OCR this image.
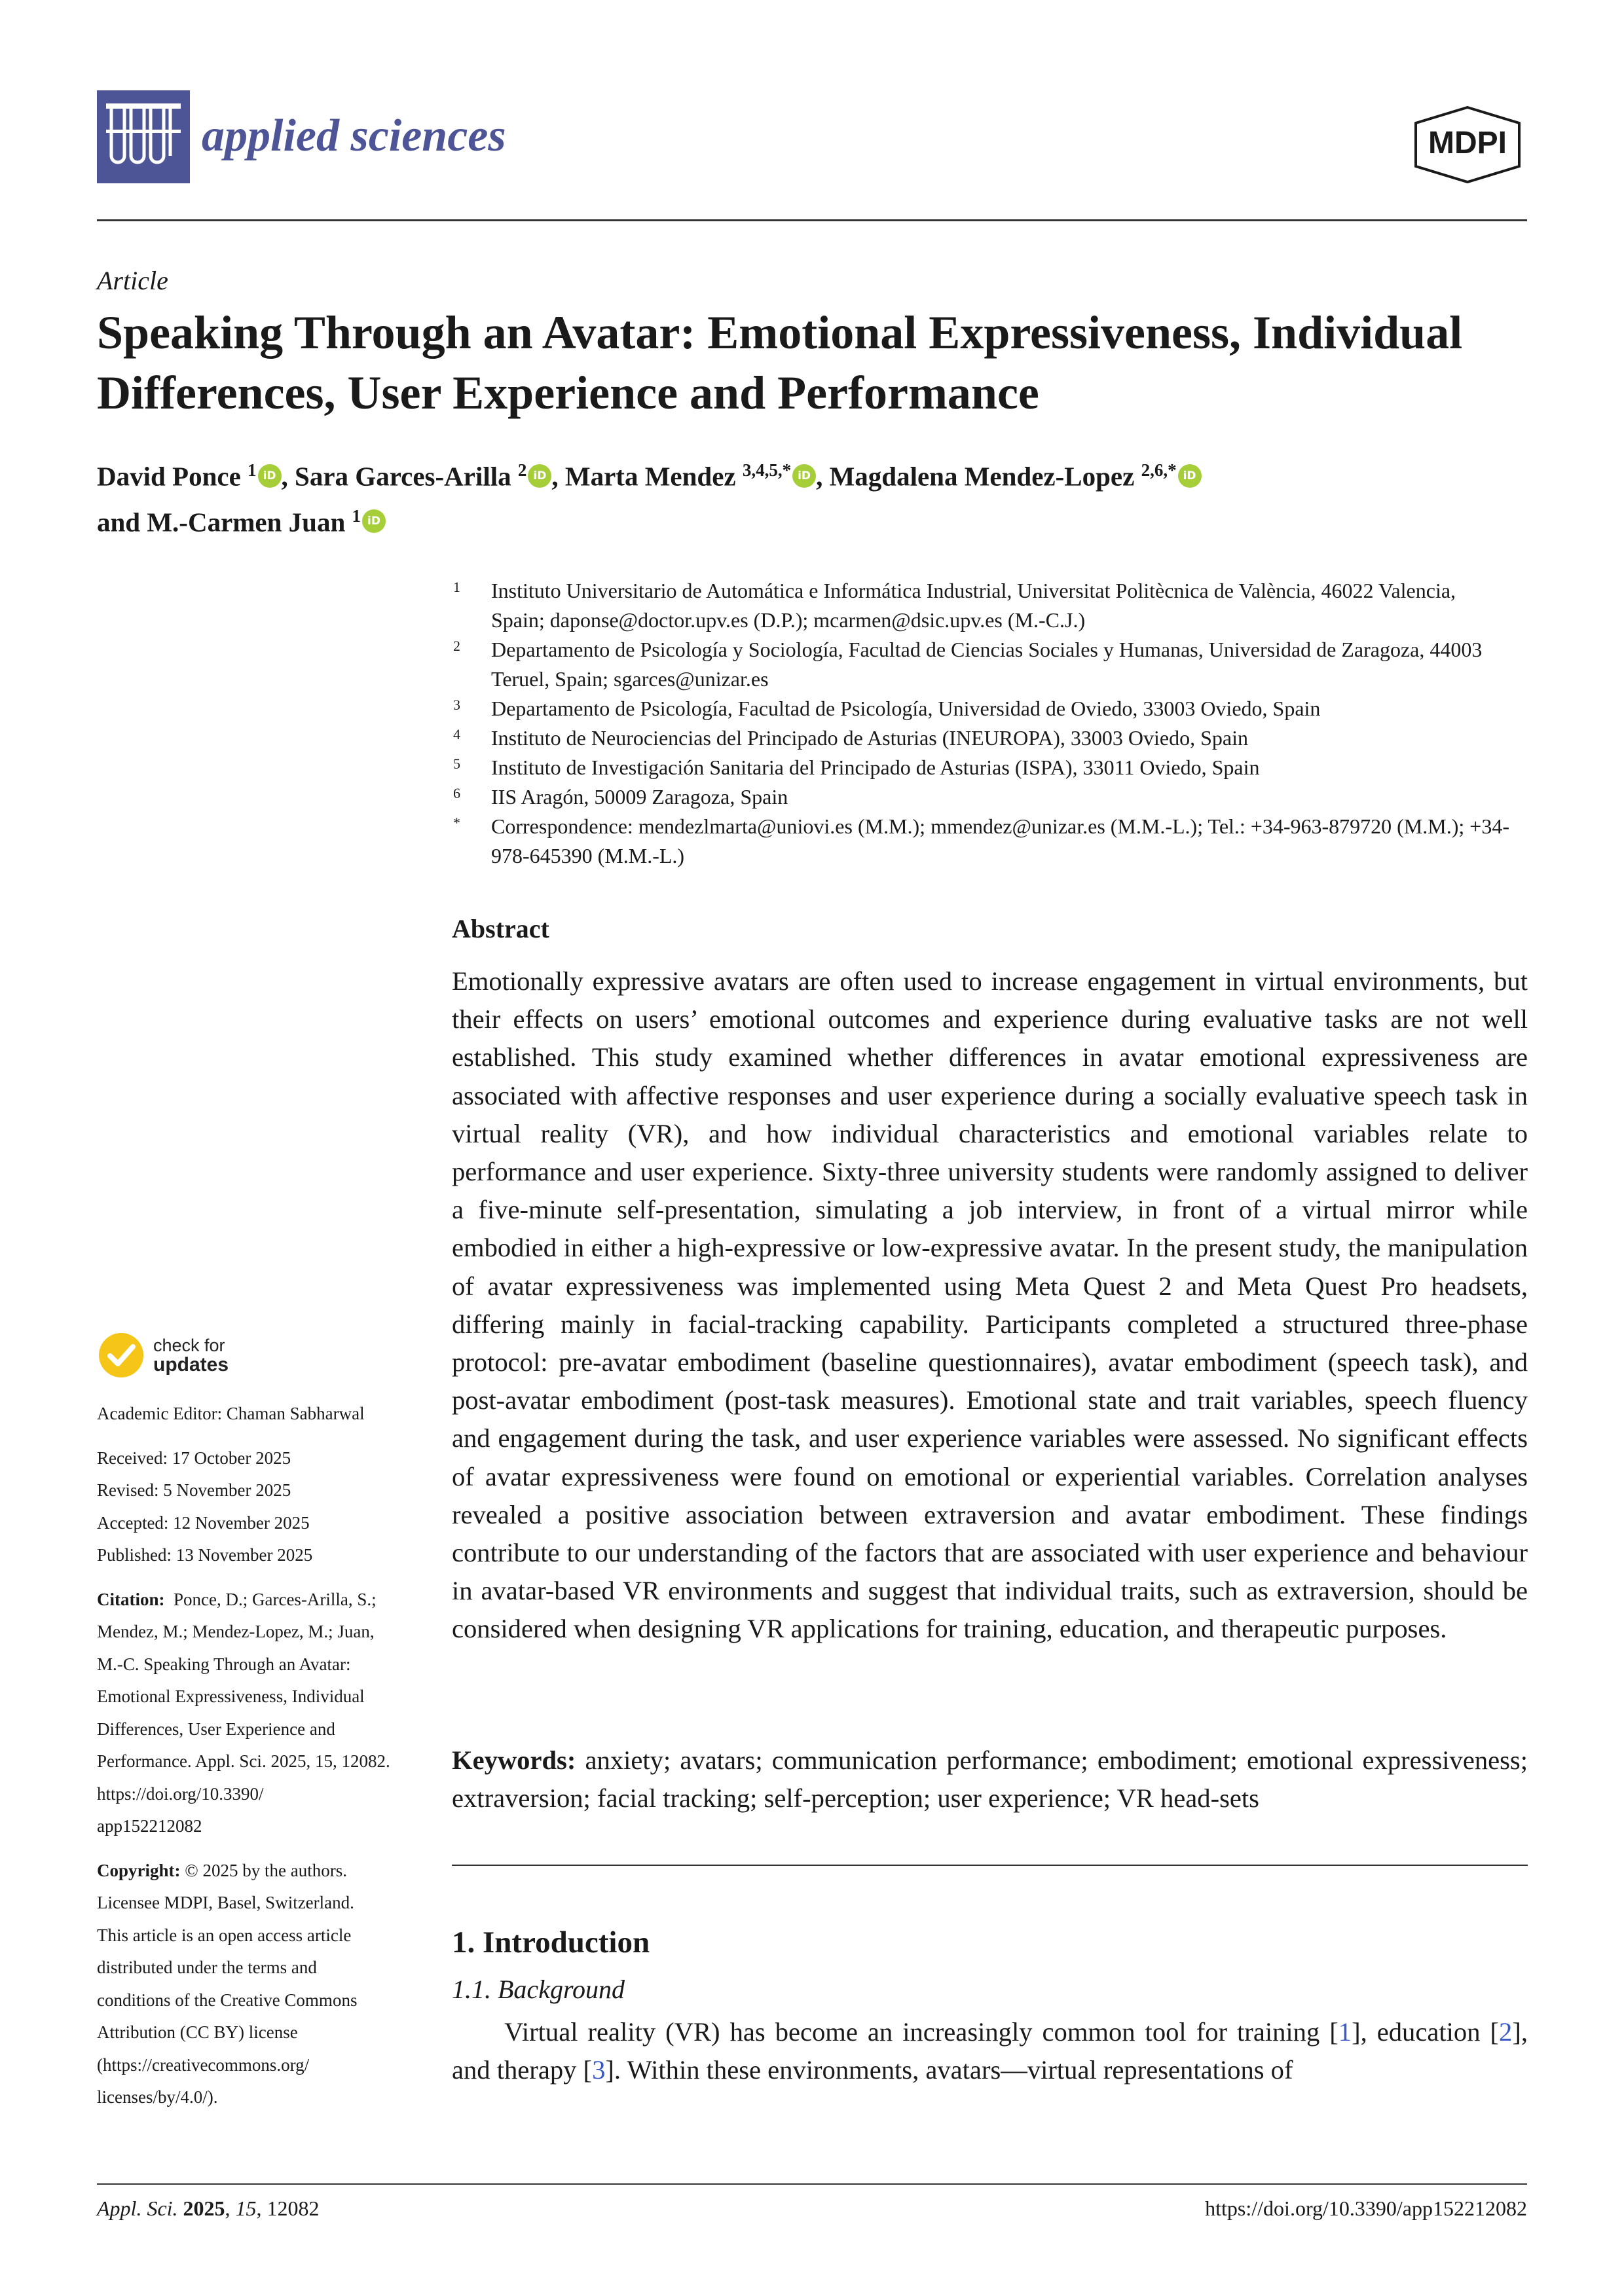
applied sciences	MDPI
Article
Speaking Through an Avatar: Emotional Expressiveness, Individual Differences, User Experience and Performance
David Ponce $^1$ iD , Sara Garces-Arilla $^2$ iD , Marta Mendez $^{3,4,5,*}$ iD , Magdalena Mendez-Lopez $^{2,6,*}$ iD
and M.-Carmen Juan $^1$ iD
1	Instituto Universitario de Automática e Informática Industrial, Universitat Politècnica de València, 46022 Valencia, Spain; daponse@doctor.upv.es (D.P.); mcarmen@dsic.upv.es (M.-C.J.)
2	Departamento de Psicología y Sociología, Facultad de Ciencias Sociales y Humanas, Universidad de Zaragoza, 44003 Teruel, Spain; sgarces@unizar.es
3	Departamento de Psicología, Facultad de Psicología, Universidad de Oviedo, 33003 Oviedo, Spain
4	Instituto de Neurociencias del Principado de Asturias (INEUROPA), 33003 Oviedo, Spain
5	Instituto de Investigación Sanitaria del Principado de Asturias (ISPA), 33011 Oviedo, Spain
6	IIS Aragón, 50009 Zaragoza, Spain
*	Correspondence: mendezlmarta@uniovi.es (M.M.); mmendez@unizar.es (M.M.-L.); Tel.: +34-963-879720 (M.M.); +34-978-645390 (M.M.-L.)
Abstract
Emotionally expressive avatars are often used to increase engagement in virtual environments, but their effects on users’ emotional outcomes and experience during evaluative tasks are not well established. This study examined whether differences in avatar emotional expressiveness are associated with affective responses and user experience during a socially evaluative speech task in virtual reality (VR), and how individual characteristics and emotional variables relate to performance and user experience. Sixty-three university students were randomly assigned to deliver a five-minute self-presentation, simulating a job interview, in front of a virtual mirror while embodied in either a high-expressive or low-expressive avatar. In the present study, the manipulation of avatar expressiveness was implemented using Meta Quest 2 and Meta Quest Pro headsets, differing mainly in facial-tracking capability. Participants completed a structured three-phase protocol: pre-avatar embodiment (baseline questionnaires), avatar embodiment (speech task), and post-avatar embodiment (post-task measures). Emotional state and trait variables, speech fluency and engagement during the task, and user experience variables were assessed. No significant effects of avatar expressiveness were found on emotional or experiential variables. Correlation analyses revealed a positive association between extraversion and avatar embodiment. These findings contribute to our understanding of the factors that are associated with user experience and behaviour in avatar-based VR environments and suggest that individual traits, such as extraversion, should be considered when designing VR applications for training, education, and therapeutic purposes.
Keywords: anxiety; avatars; communication performance; embodiment; emotional expressiveness; extraversion; facial tracking; self-perception; user experience; VR head-sets
1. Introduction
1.1. Background
Virtual reality (VR) has become an increasingly common tool for training [1], education [2], and therapy [3]. Within these environments, avatars—virtual representations of
check for
updates
Academic Editor: Chaman Sabharwal
Received: 17 October 2025
Revised: 5 November 2025
Accepted: 12 November 2025
Published: 13 November 2025
Citation: Ponce, D.; Garces-Arilla, S.;
Mendez, M.; Mendez-Lopez, M.; Juan,
M.-C. Speaking Through an Avatar:
Emotional Expressiveness, Individual
Differences, User Experience and
Performance. Appl. Sci. 2025, 15, 12082.
https://doi.org/10.3390/
app152212082
Copyright: © 2025 by the authors.
Licensee MDPI, Basel, Switzerland.
This article is an open access article
distributed under the terms and
conditions of the Creative Commons
Attribution (CC BY) license
(https://creativecommons.org/
licenses/by/4.0/).
Appl. Sci. 2025, 15, 12082	https://doi.org/10.3390/app152212082
